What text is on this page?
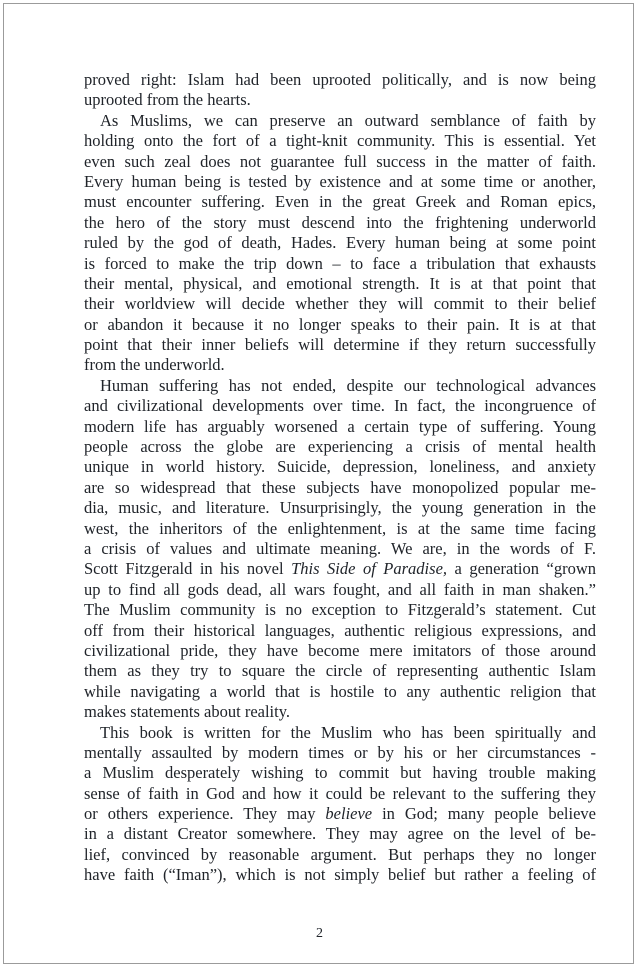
proved right: Islam had been uprooted politically, and is now being
uprooted from the hearts.
As Muslims, we can preserve an outward semblance of faith by
holding onto the fort of a tight-knit community. This is essential. Yet
even such zeal does not guarantee full success in the matter of faith.
Every human being is tested by existence and at some time or another,
must encounter suffering. Even in the great Greek and Roman epics,
the hero of the story must descend into the frightening underworld
ruled by the god of death, Hades. Every human being at some point
is forced to make the trip down – to face a tribulation that exhausts
their mental, physical, and emotional strength. It is at that point that
their worldview will decide whether they will commit to their belief
or abandon it because it no longer speaks to their pain. It is at that
point that their inner beliefs will determine if they return successfully
from the underworld.
Human suffering has not ended, despite our technological advances
and civilizational developments over time. In fact, the incongruence of
modern life has arguably worsened a certain type of suffering. Young
people across the globe are experiencing a crisis of mental health
unique in world history. Suicide, depression, loneliness, and anxiety
are so widespread that these subjects have monopolized popular me-
dia, music, and literature. Unsurprisingly, the young generation in the
west, the inheritors of the enlightenment, is at the same time facing
a crisis of values and ultimate meaning. We are, in the words of F.
Scott Fitzgerald in his novel This Side of Paradise, a generation “grown
up to find all gods dead, all wars fought, and all faith in man shaken.”
The Muslim community is no exception to Fitzgerald’s statement. Cut
off from their historical languages, authentic religious expressions, and
civilizational pride, they have become mere imitators of those around
them as they try to square the circle of representing authentic Islam
while navigating a world that is hostile to any authentic religion that
makes statements about reality.
This book is written for the Muslim who has been spiritually and
mentally assaulted by modern times or by his or her circumstances -
a Muslim desperately wishing to commit but having trouble making
sense of faith in God and how it could be relevant to the suffering they
or others experience. They may believe in God; many people believe
in a distant Creator somewhere. They may agree on the level of be-
lief, convinced by reasonable argument. But perhaps they no longer
have faith (“Iman”), which is not simply belief but rather a feeling of
2
